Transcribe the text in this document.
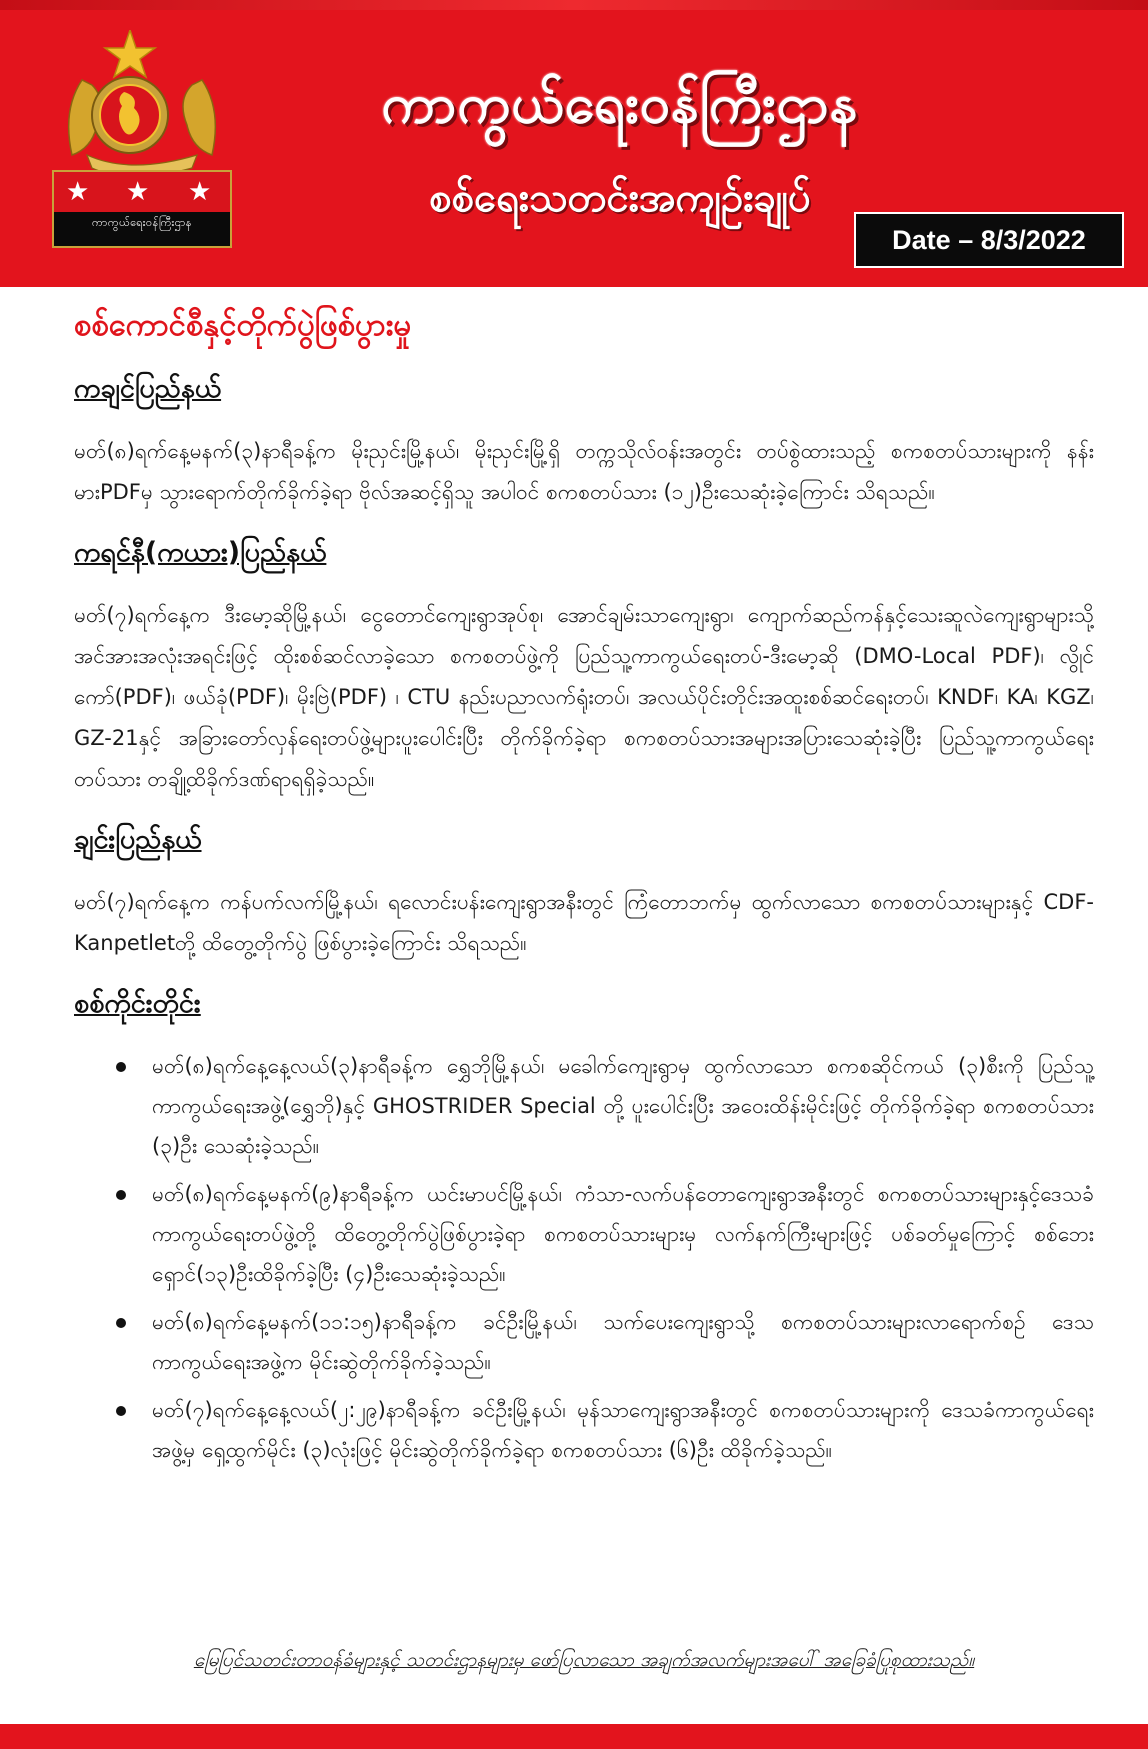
★ ★ ★
ကာကွယ်ရေးဝန်ကြီးဌာန
ကာကွယ်ရေးဝန်ကြီးဌာန
စစ်ရေးသတင်းအကျဉ်းချုပ်
Date – 8/3/2022
စစ်ကောင်စီနှင့်တိုက်ပွဲဖြစ်ပွားမှု
ကချင်ပြည်နယ်

မတ်(၈)ရက်နေ့မနက်(၃)နာရီခန့်က မိုးညှင်းမြို့နယ်၊ မိုးညှင်းမြို့ရှိ တက္ကသိုလ်ဝန်းအတွင်း တပ်စွဲထားသည့် စကစတပ်သားများကို နန်းမားPDFမှ သွားရောက်တိုက်ခိုက်ခဲ့ရာ ဗိုလ်အဆင့်ရှိသူ အပါဝင် စကစတပ်သား (၁၂)ဦးသေဆုံးခဲ့ကြောင်း သိရသည်။

ကရင်နီ(ကယား)ပြည်နယ်

မတ်(၇)ရက်နေ့က ဒီးမော့ဆိုမြို့နယ်၊ ငွေတောင်ကျေးရွာအုပ်စု၊ အောင်ချမ်းသာကျေးရွာ၊ ကျောက်ဆည်ကန်နှင့်သေးဆူလဲကျေးရွာများသို့ အင်အားအလုံးအရင်းဖြင့် ထိုးစစ်ဆင်လာခဲ့သော စကစတပ်ဖွဲ့ကို ပြည်သူ့ကာကွယ်ရေးတပ်-ဒီးမော့ဆို (DMO-Local PDF)၊ လွိုင်ကော်(PDF)၊ ဖယ်ခုံ(PDF)၊ မိုးဗြဲ(PDF) ၊ CTU နည်းပညာလက်ရုံးတပ်၊ အလယ်ပိုင်းတိုင်းအထူးစစ်ဆင်ရေးတပ်၊ KNDF၊ KA၊ KGZ၊ GZ-21နှင့် အခြားတော်လှန်ရေးတပ်ဖွဲ့များပူးပေါင်းပြီး တိုက်ခိုက်ခဲ့ရာ စကစတပ်သားအများအပြားသေဆုံးခဲ့ပြီး ပြည်သူ့ကာကွယ်ရေးတပ်သား တချို့ထိခိုက်ဒဏ်ရာရရှိခဲ့သည်။

ချင်းပြည်နယ်

မတ်(၇)ရက်နေ့က ကန်ပက်လက်မြို့နယ်၊ ရလောင်းပန်းကျေးရွာအနီးတွင် ကြံတောဘက်မှ ထွက်လာသော စကစတပ်သားများနှင့် CDF-Kanpetletတို့ ထိတွေ့တိုက်ပွဲ ဖြစ်ပွားခဲ့ကြောင်း သိရသည်။

စစ်ကိုင်းတိုင်း
မတ်(၈)ရက်နေ့နေ့လယ်(၃)နာရီခန့်က ရွှေဘိုမြို့နယ်၊ မခေါက်ကျေးရွာမှ ထွက်လာသော စကစဆိုင်ကယ် (၃)စီးကို ပြည်သူ့ကာကွယ်ရေးအဖွဲ့(ရွှေဘို)နှင့် GHOSTRIDER Special တို့ ပူးပေါင်းပြီး အဝေးထိန်းမိုင်းဖြင့် တိုက်ခိုက်ခဲ့ရာ စကစတပ်သား (၃)ဦး သေဆုံးခဲ့သည်။
မတ်(၈)ရက်နေ့မနက်(၉)နာရီခန့်က ယင်းမာပင်မြို့နယ်၊ ကံသာ-လက်ပန်တောကျေးရွာအနီးတွင် စကစတပ်သားများနှင့်ဒေသခံကာကွယ်ရေးတပ်ဖွဲ့တို့ ထိတွေ့တိုက်ပွဲဖြစ်ပွားခဲ့ရာ စကစတပ်သားများမှ လက်နက်ကြီးများဖြင့် ပစ်ခတ်မှုကြောင့် စစ်ဘေးရှောင်(၁၃)ဦးထိခိုက်ခဲ့ပြီး (၄)ဦးသေဆုံးခဲ့သည်။
မတ်(၈)ရက်နေ့မနက်(၁၁:၁၅)နာရီခန့်က ခင်ဦးမြို့နယ်၊ သက်ပေးကျေးရွာသို့ စကစတပ်သားများလာရောက်စဉ် ဒေသကာကွယ်ရေးအဖွဲ့က မိုင်းဆွဲတိုက်ခိုက်ခဲ့သည်။
မတ်(၇)ရက်နေ့နေ့လယ်(၂:၂၉)နာရီခန့်က ခင်ဦးမြို့နယ်၊ မုန်သာကျေးရွာအနီးတွင် စကစတပ်သားများကို ဒေသခံကာကွယ်ရေးအဖွဲ့မှ ရှေ့ထွက်မိုင်း (၃)လုံးဖြင့် မိုင်းဆွဲတိုက်ခိုက်ခဲ့ရာ စကစတပ်သား (၆)ဦး ထိခိုက်ခဲ့သည်။
မြေပြင်သတင်းတာဝန်ခံများနှင့် သတင်းဌာနများမှ ဖော်ပြလာသော အချက်အလက်များအပေါ် အခြေခံပြုစုထားသည်။
